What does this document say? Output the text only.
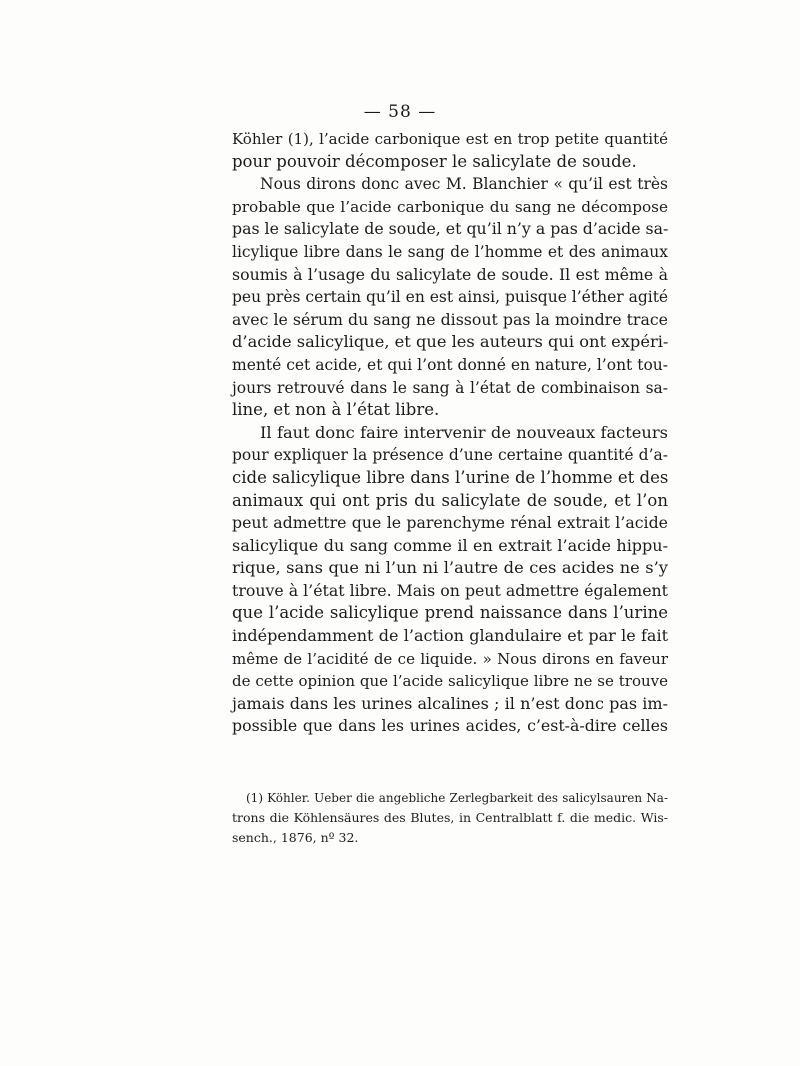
— 58 —
Köhler (1), l’acide carbonique est en trop petite quantité
pour pouvoir décomposer le salicylate de soude.
Nous dirons donc avec M. Blanchier « qu’il est très
probable que l’acide carbonique du sang ne décompose
pas le salicylate de soude, et qu’il n’y a pas d’acide sa-
licylique libre dans le sang de l’homme et des animaux
soumis à l’usage du salicylate de soude. Il est même à
peu près certain qu’il en est ainsi, puisque l’éther agité
avec le sérum du sang ne dissout pas la moindre trace
d’acide salicylique, et que les auteurs qui ont expéri-
menté cet acide, et qui l’ont donné en nature, l’ont tou-
jours retrouvé dans le sang à l’état de combinaison sa-
line, et non à l’état libre.
Il faut donc faire intervenir de nouveaux facteurs
pour expliquer la présence d’une certaine quantité d’a-
cide salicylique libre dans l’urine de l’homme et des
animaux qui ont pris du salicylate de soude, et l’on
peut admettre que le parenchyme rénal extrait l’acide
salicylique du sang comme il en extrait l’acide hippu-
rique, sans que ni l’un ni l’autre de ces acides ne s’y
trouve à l’état libre. Mais on peut admettre également
que l’acide salicylique prend naissance dans l’urine
indépendamment de l’action glandulaire et par le fait
même de l’acidité de ce liquide. » Nous dirons en faveur
de cette opinion que l’acide salicylique libre ne se trouve
jamais dans les urines alcalines ; il n’est donc pas im-
possible que dans les urines acides, c’est-à-dire celles
(1) Köhler. Ueber die angebliche Zerlegbarkeit des salicylsauren Na-
trons die Köhlensäures des Blutes, in Centralblatt f. die medic. Wis-
sench., 1876, nº 32.
